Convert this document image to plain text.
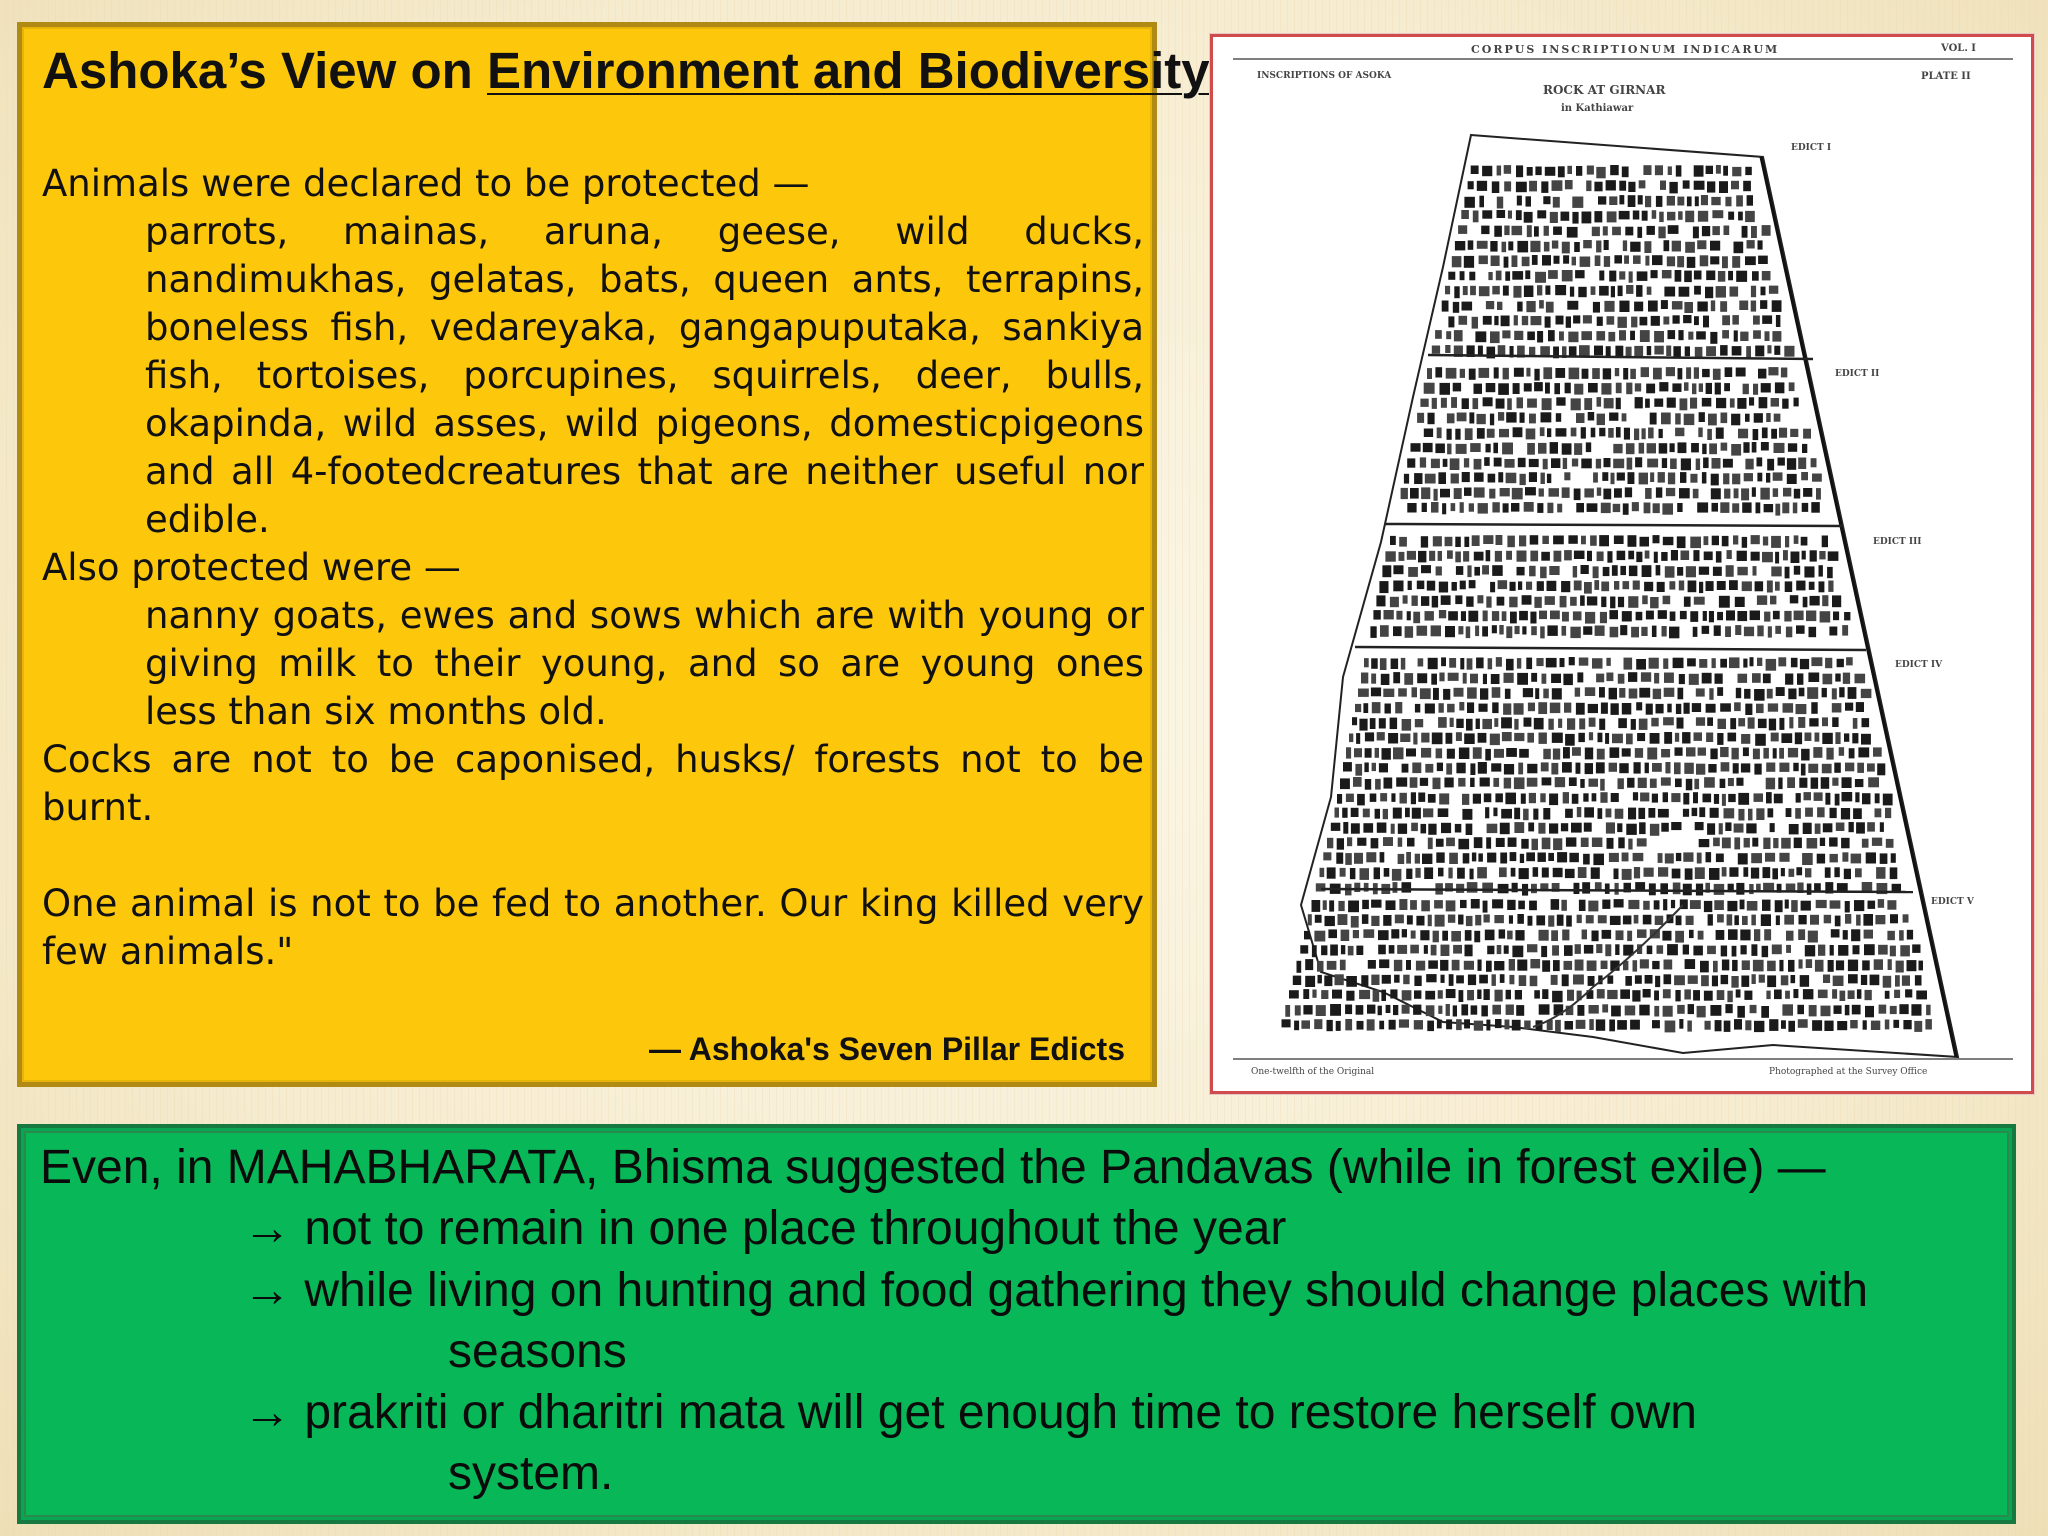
Ashoka’s View on Environment and Biodiversity

Animals were declared to be protected —

parrots, mainas, aruna, geese, wild ducks, nandimukhas, gelatas, bats, queen ants, terrapins, boneless fish, vedareyaka, gangapuputaka, sankiya fish, tortoises, porcupines, squirrels, deer, bulls, okapinda, wild asses, wild pigeons, domesticpigeons and all 4-footedcreatures that are neither useful nor edible.

Also protected were —

nanny goats, ewes and sows which are with young or giving milk to their young, and so are young ones less than six months old.

Cocks are not to be caponised, husks/ forests not to be burnt.

One animal is not to be fed to another. Our king killed very few animals."

— Ashoka's Seven Pillar Edicts
CORPUS INSCRIPTIONUM INDICARUM	VOL. I
PLATE II
INSCRIPTIONS OF ASOKA
ROCK AT GIRNAR
in Kathiawar
EDICT I
EDICT II
EDICT III
EDICT IV
EDICT V
One-twelfth of the Original	Photographed at the Survey Office

Even, in MAHABHARATA, Bhisma suggested the Pandavas (while in forest exile) —

→ not to remain in one place throughout the year

→ while living on hunting and food gathering they should change places with

seasons

→ prakriti or dharitri mata will get enough time to restore herself own

system.
